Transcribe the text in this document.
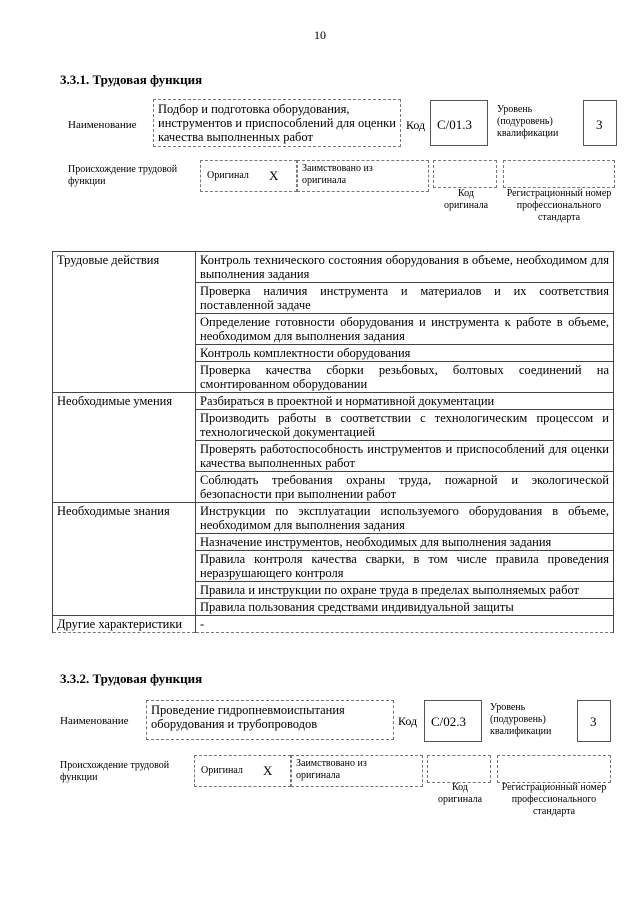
10
3.3.1. Трудовая функция
Наименование
Подбор и подготовка оборудования, инструментов и приспособлений для оценки качества выполненных работ
Код С/01.3
Уровень (подуровень) квалификации
3
Происхождение трудовой функции
Оригинал X Заимствовано из оригинала
Код оригинала
Регистрационный номер профессионального стандарта
Трудовые действия	Контроль технического состояния оборудования в объеме, необходимом для выполнения задания
	Проверка наличия инструмента и материалов и их соответствия поставленной задаче
	Определение готовности оборудования и инструмента к работе в объеме, необходимом для выполнения задания
	Контроль комплектности оборудования
	Проверка качества сборки резьбовых, болтовых соединений на смонтированном оборудовании
Необходимые умения	Разбираться в проектной и нормативной документации
	Производить работы в соответствии с технологическим процессом и технологической документацией
	Проверять работоспособность инструментов и приспособлений для оценки качества выполненных работ
	Соблюдать требования охраны труда, пожарной и экологической безопасности при выполнении работ
Необходимые знания	Инструкции по эксплуатации используемого оборудования в объеме, необходимом для выполнения задания
	Назначение инструментов, необходимых для выполнения задания
	Правила контроля качества сварки, в том числе правила проведения неразрушающего контроля
	Правила и инструкции по охране труда в пределах выполняемых работ
	Правила пользования средствами индивидуальной защиты
Другие характеристики	-
3.3.2. Трудовая функция
Наименование
Проведение гидропневмоиспытания оборудования и трубопроводов	Код	С/02.3
Уровень (подуровень) квалификации
3
Происхождение трудовой функции
Оригинал X Заимствовано из оригинала
Код оригинала
Регистрационный номер профессионального стандарта
